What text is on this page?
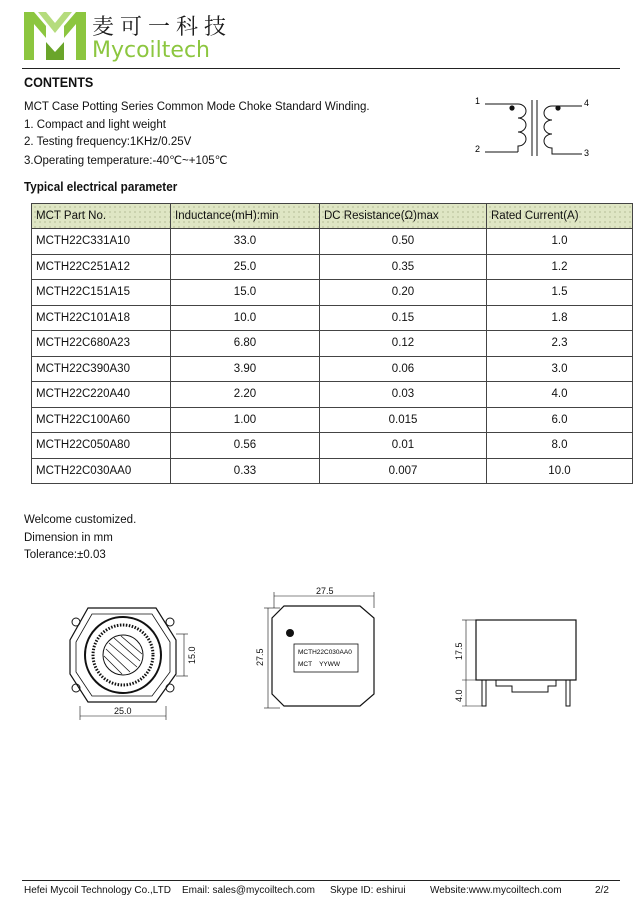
麦可一科技
Mycoiltech
CONTENTS
MCT Case Potting Series Common Mode Choke Standard Winding.
1. Compact and light weight
2. Testing frequency:1KHz/0.25V
3.Operating temperature:-40℃~+105℃
1
2	3
4
Typical electrical parameter
MCT Part No.	Inductance(mH):min	DC Resistance(Ω)max	Rated Current(A)
MCTH22C331A10	33.0	0.50	1.0
MCTH22C251A12	25.0	0.35	1.2
MCTH22C151A15	15.0	0.20	1.5
MCTH22C101A18	10.0	0.15	1.8
MCTH22C680A23	6.80	0.12	2.3
MCTH22C390A30	3.90	0.06	3.0
MCTH22C220A40	2.20	0.03	4.0
MCTH22C100A60	1.00	0.015	6.0
MCTH22C050A80	0.56	0.01	8.0
MCTH22C030AA0	0.33	0.007	10.0
Welcome customized.
Dimension in mm
Tolerance:±0.03
25.0
15.0
27.5
27.5	MCTH22C030AA0
MCT    YYWW
17.5
4.0
Hefei Mycoil Technology Co.,LTD Email: sales@mycoiltech.com Skype ID: eshirui Website:www.mycoiltech.com	2/2
